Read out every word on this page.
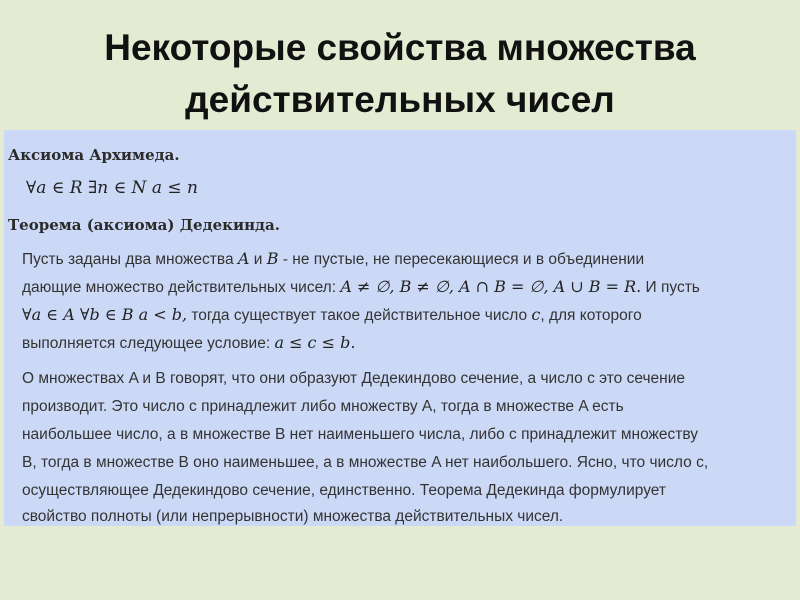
Некоторые свойства множества
действительных чисел
Аксиома Архимеда.
∀a ∈ R ∃n ∈ N a ≤ n
Теорема (аксиома) Дедекинда.
Пусть заданы два множества A и B - не пустые, не пересекающиеся и в объединении
дающие множество действительных чисел: A ≠ ∅, B ≠ ∅, A ∩ B = ∅, A ∪ B = R. И пусть
∀a ∈ A ∀b ∈ B a < b, тогда существует такое действительное число c, для которого
выполняется следующее условие: a ≤ c ≤ b.
О множествах A и B говорят, что они образуют Дедекиндово сечение, а число c это сечение
производит. Это число c принадлежит либо множеству A, тогда в множестве A есть
наибольшее число, а в множестве B нет наименьшего числа, либо c принадлежит множеству
B, тогда в множестве B оно наименьшее, а в множестве A нет наибольшего. Ясно, что число c,
осуществляющее Дедекиндово сечение, единственно. Теорема Дедекинда формулирует
свойство полноты (или непрерывности) множества действительных чисел.
